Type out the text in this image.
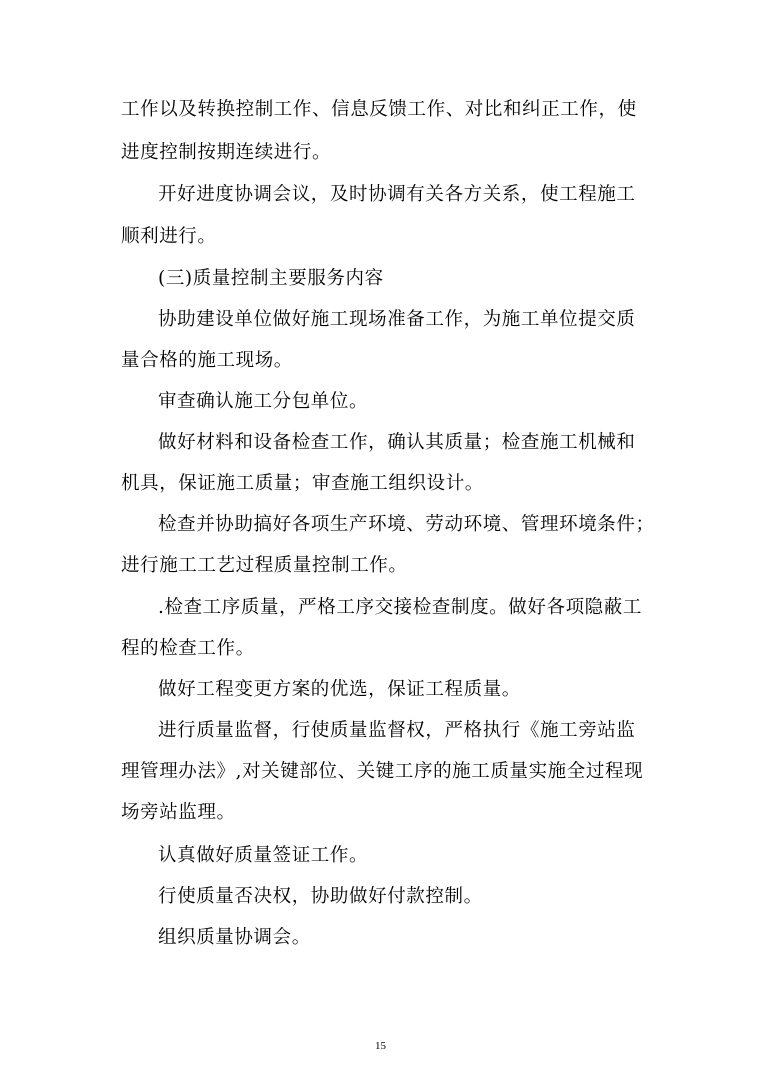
工作以及转换控制工作、信息反馈工作、对比和纠正工作，使
进度控制按期连续进行。
开好进度协调会议，及时协调有关各方关系，使工程施工
顺利进行。
(三)质量控制主要服务内容
协助建设单位做好施工现场准备工作，为施工单位提交质
量合格的施工现场。
审查确认施工分包单位。
做好材料和设备检查工作，确认其质量；检查施工机械和
机具，保证施工质量；审查施工组织设计。
检查并协助搞好各项生产环境、劳动环境、管理环境条件；
进行施工工艺过程质量控制工作。
.检查工序质量，严格工序交接检查制度。做好各项隐蔽工
程的检查工作。
做好工程变更方案的优选，保证工程质量。
进行质量监督，行使质量监督权，严格执行《施工旁站监
理管理办法》,对关键部位、关键工序的施工质量实施全过程现
场旁站监理。
认真做好质量签证工作。
行使质量否决权，协助做好付款控制。
组织质量协调会。
15
